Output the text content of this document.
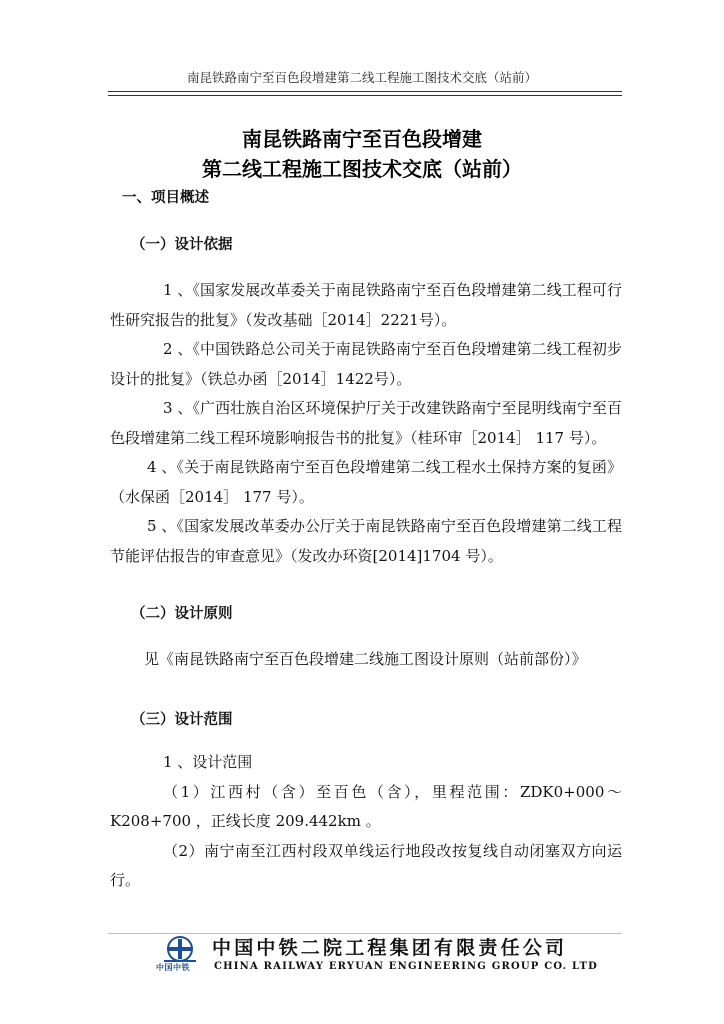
南昆铁路南宁至百色段增建第二线工程施工图技术交底（站前）
南昆铁路南宁至百色段增建
第二线工程施工图技术交底（站前）
一、项目概述
（一）设计依据

1 、《国家发展改革委关于南昆铁路南宁至百色段增建第二线工程可行性研究报告的批复》（发改基础［2014］2221号）。

2 、《中国铁路总公司关于南昆铁路南宁至百色段增建第二线工程初步设计的批复》（铁总办函［2014］1422号）。

3 、《广西壮族自治区环境保护厅关于改建铁路南宁至昆明线南宁至百色段增建第二线工程环境影响报告书的批复》（桂环审［2014］ 117 号）。

4 、《关于南昆铁路南宁至百色段增建第二线工程水土保持方案的复函》（水保函［2014］ 177 号）。

5 、《国家发展改革委办公厅关于南昆铁路南宁至百色段增建第二线工程节能评估报告的审查意见》（发改办环资[2014]1704 号）。

（二）设计原则

见《南昆铁路南宁至百色段增建二线施工图设计原则（站前部份）》

（三）设计范围

1 、设计范围

（1）江西村（含）至百色（含），里程范围：ZDK0+000～K208+700 ，正线长度 209.442km 。

（2）南宁南至江西村段双单线运行地段改按复线自动闭塞双方向运行。

中国中铁
中国中铁二院工程集团有限责任公司
CHINA RAILWAY ERYUAN ENGINEERING GROUP CO. LTD
